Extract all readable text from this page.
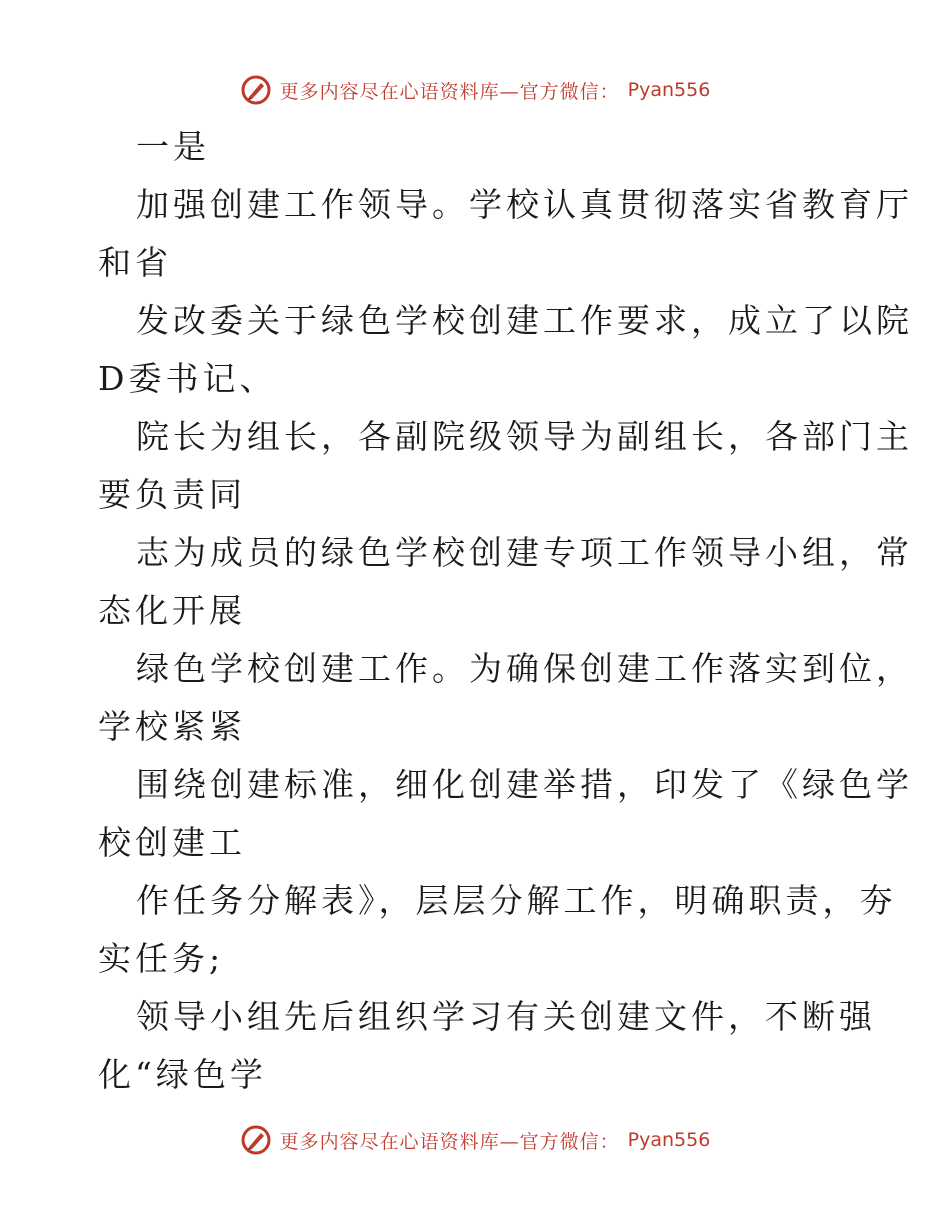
更多内容尽在心语资料库—官方微信： Pyan556
一是
加强创建工作领导。学校认真贯彻落实省教育厅
和省
发改委关于绿色学校创建工作要求，成立了以院
D委书记、
院长为组长，各副院级领导为副组长，各部门主
要负责同
志为成员的绿色学校创建专项工作领导小组，常
态化开展
绿色学校创建工作。为确保创建工作落实到位，
学校紧紧
围绕创建标准，细化创建举措，印发了《绿色学
校创建工
作任务分解表》，层层分解工作，明确职责，夯
实任务;
领导小组先后组织学习有关创建文件，不断强
化“绿色学
更多内容尽在心语资料库—官方微信： Pyan556
